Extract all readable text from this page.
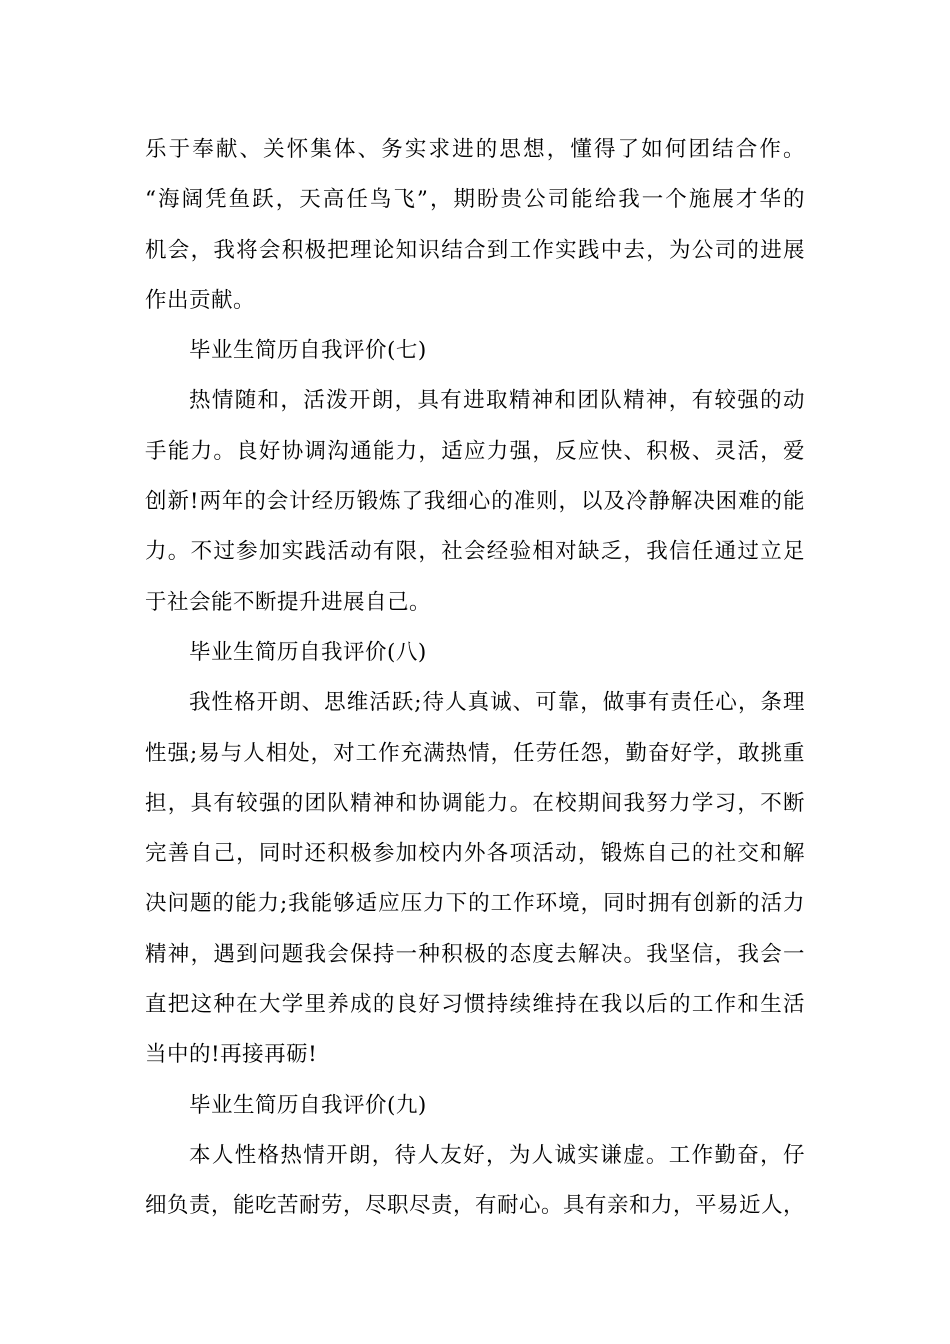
乐于奉献、关怀集体、务实求进的思想，懂得了如何团结合作。
“海阔凭鱼跃，天高任鸟飞”，期盼贵公司能给我一个施展才华的
机会，我将会积极把理论知识结合到工作实践中去，为公司的进展
作出贡献。
毕业生简历自我评价(七)
热情随和，活泼开朗，具有进取精神和团队精神，有较强的动
手能力。良好协调沟通能力，适应力强，反应快、积极、灵活，爱
创新!两年的会计经历锻炼了我细心的准则，以及冷静解决困难的能
力。不过参加实践活动有限，社会经验相对缺乏，我信任通过立足
于社会能不断提升进展自己。
毕业生简历自我评价(八)
我性格开朗、思维活跃;待人真诚、可靠，做事有责任心，条理
性强;易与人相处，对工作充满热情，任劳任怨，勤奋好学，敢挑重
担，具有较强的团队精神和协调能力。在校期间我努力学习，不断
完善自己，同时还积极参加校内外各项活动，锻炼自己的社交和解
决问题的能力;我能够适应压力下的工作环境，同时拥有创新的活力
精神，遇到问题我会保持一种积极的态度去解决。我坚信，我会一
直把这种在大学里养成的良好习惯持续维持在我以后的工作和生活
当中的!再接再砺!
毕业生简历自我评价(九)
本人性格热情开朗，待人友好，为人诚实谦虚。工作勤奋，仔
细负责，能吃苦耐劳，尽职尽责，有耐心。具有亲和力，平易近人，
